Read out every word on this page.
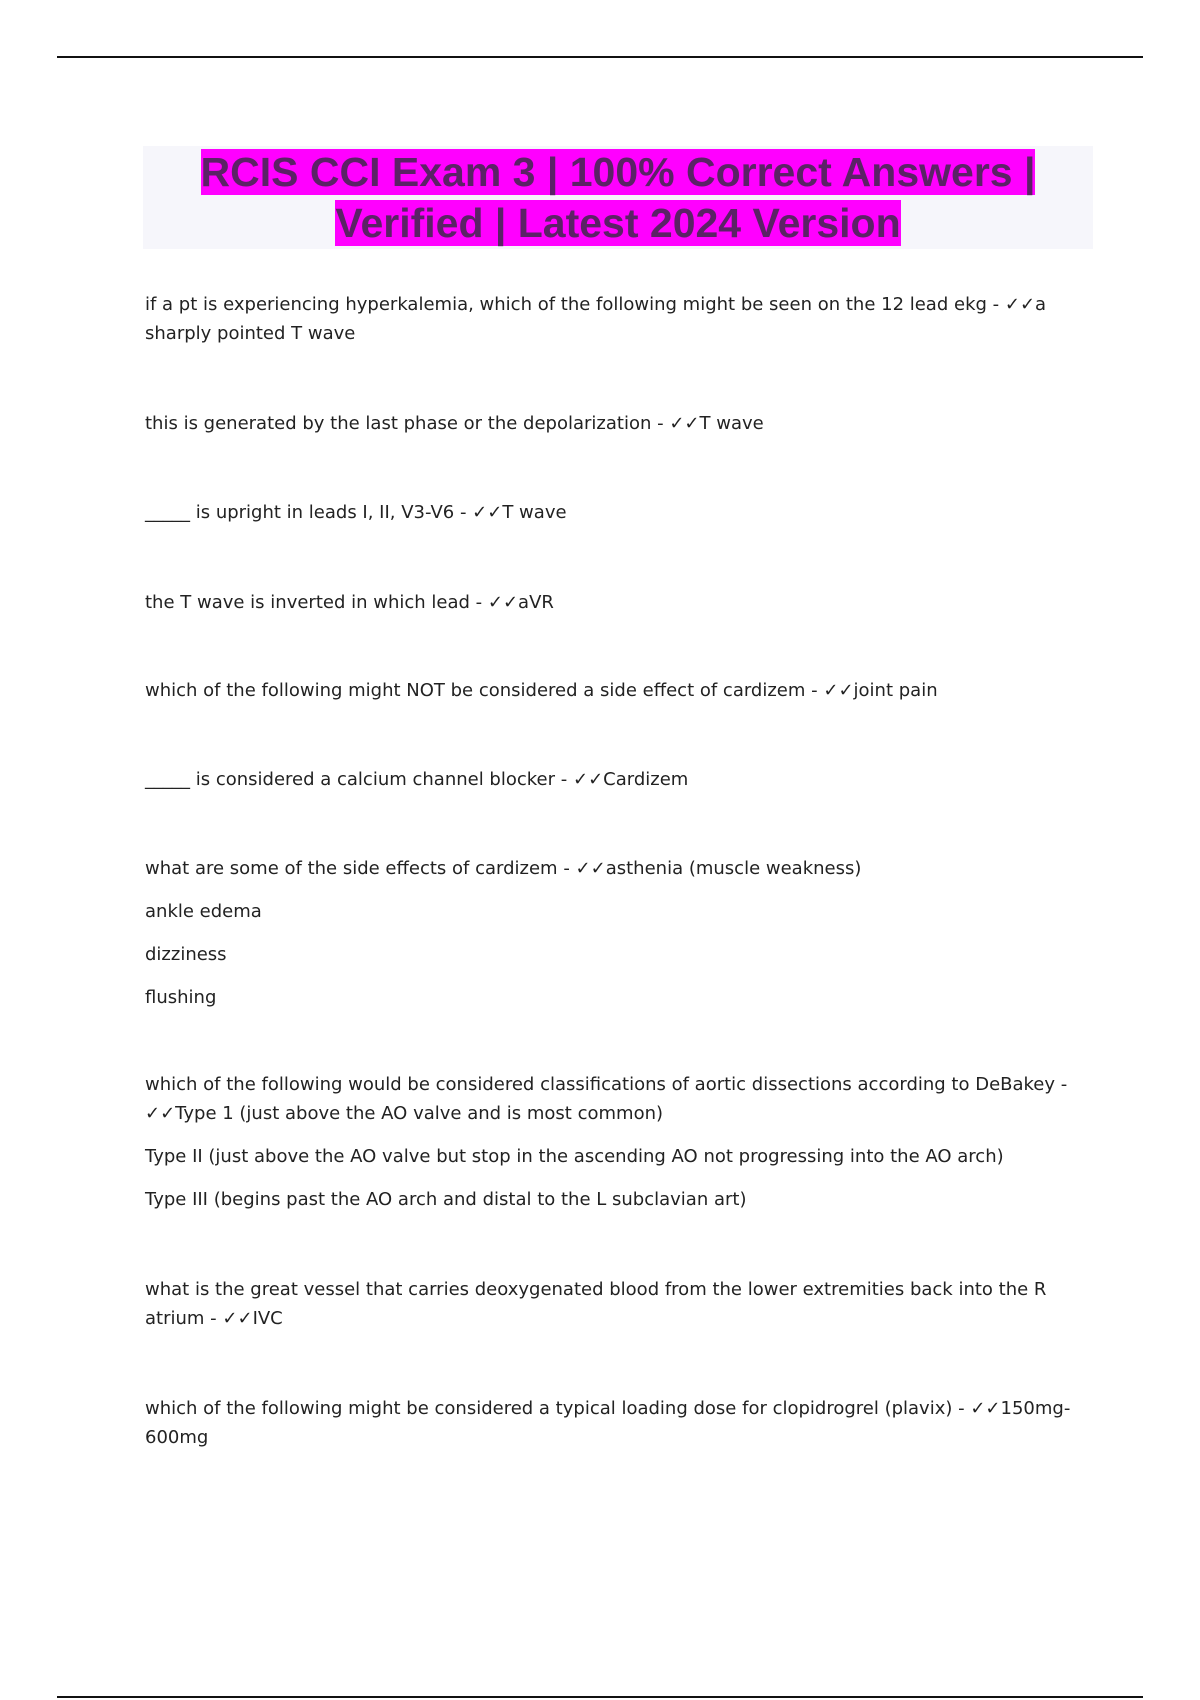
RCIS CCI Exam 3 | 100% Correct Answers | Verified | Latest 2024 Version

if a pt is experiencing hyperkalemia, which of the following might be seen on the 12 lead ekg - ✓✓a sharply pointed T wave

this is generated by the last phase or the depolarization - ✓✓T wave

_____ is upright in leads I, II, V3-V6 - ✓✓T wave

the T wave is inverted in which lead - ✓✓aVR

which of the following might NOT be considered a side effect of cardizem - ✓✓joint pain

_____ is considered a calcium channel blocker - ✓✓Cardizem

what are some of the side effects of cardizem - ✓✓asthenia (muscle weakness)

ankle edema

dizziness

flushing

which of the following would be considered classifications of aortic dissections according to DeBakey - ✓✓Type 1 (just above the AO valve and is most common)

Type II (just above the AO valve but stop in the ascending AO not progressing into the AO arch)

Type III (begins past the AO arch and distal to the L subclavian art)

what is the great vessel that carries deoxygenated blood from the lower extremities back into the R atrium - ✓✓IVC

which of the following might be considered a typical loading dose for clopidrogrel (plavix) - ✓✓150mg-600mg
